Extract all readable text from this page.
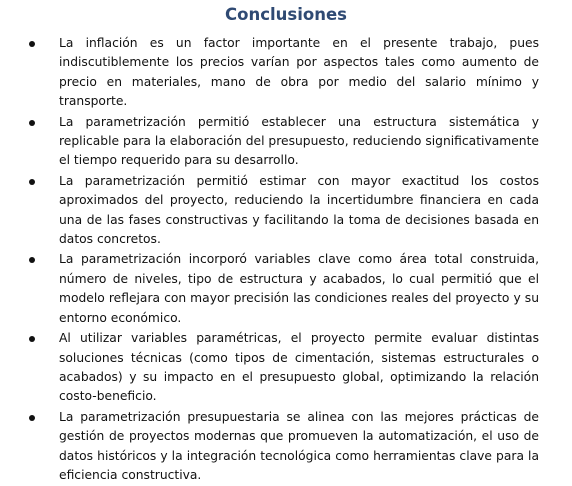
Conclusiones
La inflación es un factor importante en el presente trabajo, pues indiscutiblemente los precios varían por aspectos tales como aumento de precio en materiales, mano de obra por medio del salario mínimo y transporte.
La parametrización permitió establecer una estructura sistemática y replicable para la elaboración del presupuesto, reduciendo significativamente el tiempo requerido para su desarrollo.
La parametrización permitió estimar con mayor exactitud los costos aproximados del proyecto, reduciendo la incertidumbre financiera en cada una de las fases constructivas y facilitando la toma de decisiones basada en datos concretos.
La parametrización incorporó variables clave como área total construida, número de niveles, tipo de estructura y acabados, lo cual permitió que el modelo reflejara con mayor precisión las condiciones reales del proyecto y su entorno económico.
Al utilizar variables paramétricas, el proyecto permite evaluar distintas soluciones técnicas (como tipos de cimentación, sistemas estructurales o acabados) y su impacto en el presupuesto global, optimizando la relación costo-beneficio.
La parametrización presupuestaria se alinea con las mejores prácticas de gestión de proyectos modernas que promueven la automatización, el uso de datos históricos y la integración tecnológica como herramientas clave para la eficiencia constructiva.
